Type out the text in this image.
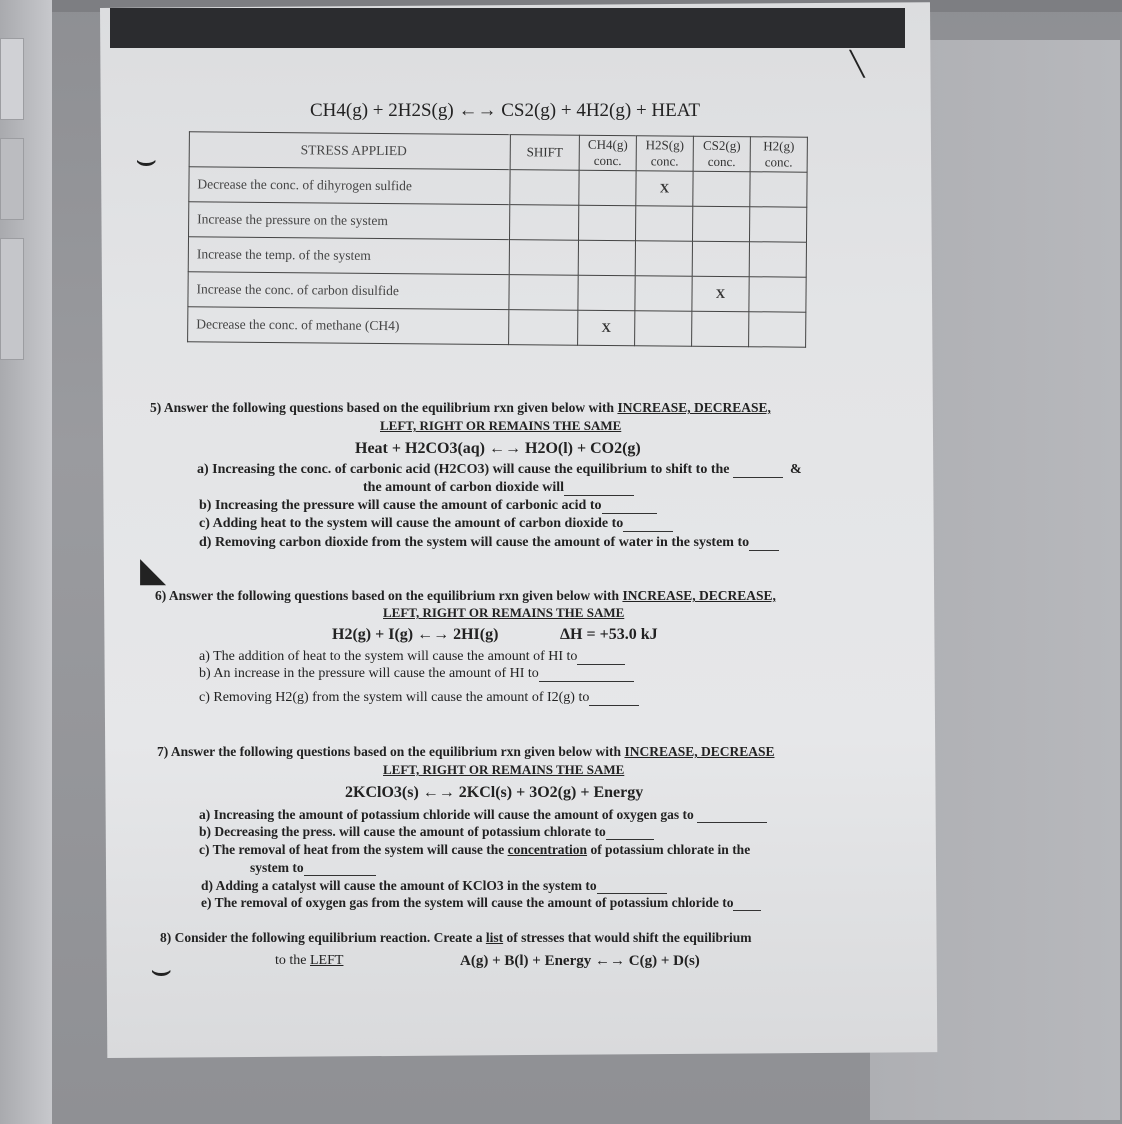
⌣
◣
⌣
╲
CH4(g) + 2H2S(g) ←→ CS2(g) + 4H2(g) + HEAT
STRESS APPLIED	SHIFT	CH4(g) conc.	H2S(g) conc.	CS2(g) conc.	H2(g) conc.
Decrease the conc. of dihyrogen sulfide			X		
Increase the pressure on the system					
Increase the temp. of the system					
Increase the conc. of carbon disulfide				X	
Decrease the conc. of methane (CH4)		X			
5) Answer the following questions based on the equilibrium rxn given below with INCREASE, DECREASE,
LEFT, RIGHT OR REMAINS THE SAME
Heat + H2CO3(aq) ←→ H2O(l) + CO2(g)
a) Increasing the conc. of carbonic acid (H2CO3) will cause the equilibrium to shift to the	&
the amount of carbon dioxide will
b) Increasing the pressure will cause the amount of carbonic acid to
c) Adding heat to the system will cause the amount of carbon dioxide to
d) Removing carbon dioxide from the system will cause the amount of water in the system to
6) Answer the following questions based on the equilibrium rxn given below with INCREASE, DECREASE,
LEFT, RIGHT OR REMAINS THE SAME
H2(g) + I(g) ←→ 2HI(g)	ΔH = +53.0 kJ
a) The addition of heat to the system will cause the amount of HI to
b) An increase in the pressure will cause the amount of HI to
c) Removing H2(g) from the system will cause the amount of I2(g) to
7) Answer the following questions based on the equilibrium rxn given below with INCREASE, DECREASE
LEFT, RIGHT OR REMAINS THE SAME
2KClO3(s) ←→ 2KCl(s) + 3O2(g) + Energy
a) Increasing the amount of potassium chloride will cause the amount of oxygen gas to
b) Decreasing the press. will cause the amount of potassium chlorate to
c) The removal of heat from the system will cause the concentration of potassium chlorate in the
system to
d) Adding a catalyst will cause the amount of KClO3 in the system to
e) The removal of oxygen gas from the system will cause the amount of potassium chloride to
8) Consider the following equilibrium reaction. Create a list of stresses that would shift the equilibrium
to the LEFT	A(g) + B(l) + Energy ←→ C(g) + D(s)
